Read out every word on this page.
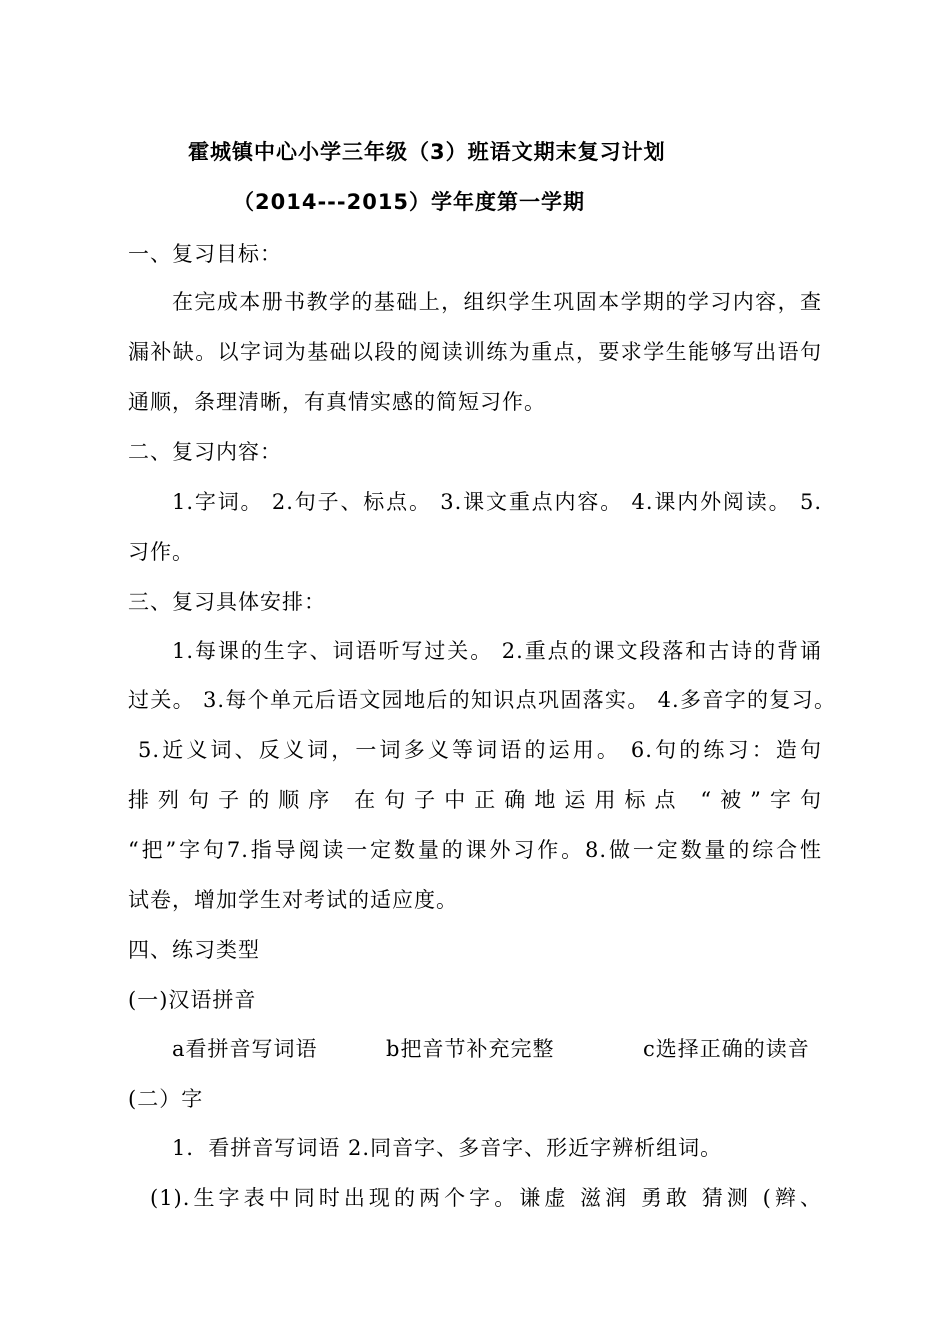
霍城镇中心小学三年级（3）班语文期末复习计划
（2014---2015）学年度第一学期
一、复习目标：
在完成本册书教学的基础上，组织学生巩固本学期的学习内容，查
漏补缺。以字词为基础以段的阅读训练为重点，要求学生能够写出语句
通顺，条理清晰，有真情实感的简短习作。
二、复习内容：
1.字词。 2.句子、标点。 3.课文重点内容。 4.课内外阅读。 5.
习作。
三、复习具体安排：
1.每课的生字、词语听写过关。 2.重点的课文段落和古诗的背诵
过关。 3.每个单元后语文园地后的知识点巩固落实。 4.多音字的复习。
5.近义词、反义词，一词多义等词语的运用。 6.句的练习：造句
排列句子的顺序 在句子中正确地运用标点 “被”字句
“把”字句7.指导阅读一定数量的课外习作。8.做一定数量的综合性
试卷，增加学生对考试的适应度。
四、练习类型
(一)汉语拼音
a看拼音写词语	b把音节补充完整	c选择正确的读音
(二）字
1．看拼音写词语 2.同音字、多音字、形近字辨析组词。
(1).生字表中同时出现的两个字。谦虚 滋润 勇敢 猜测 (辫、
